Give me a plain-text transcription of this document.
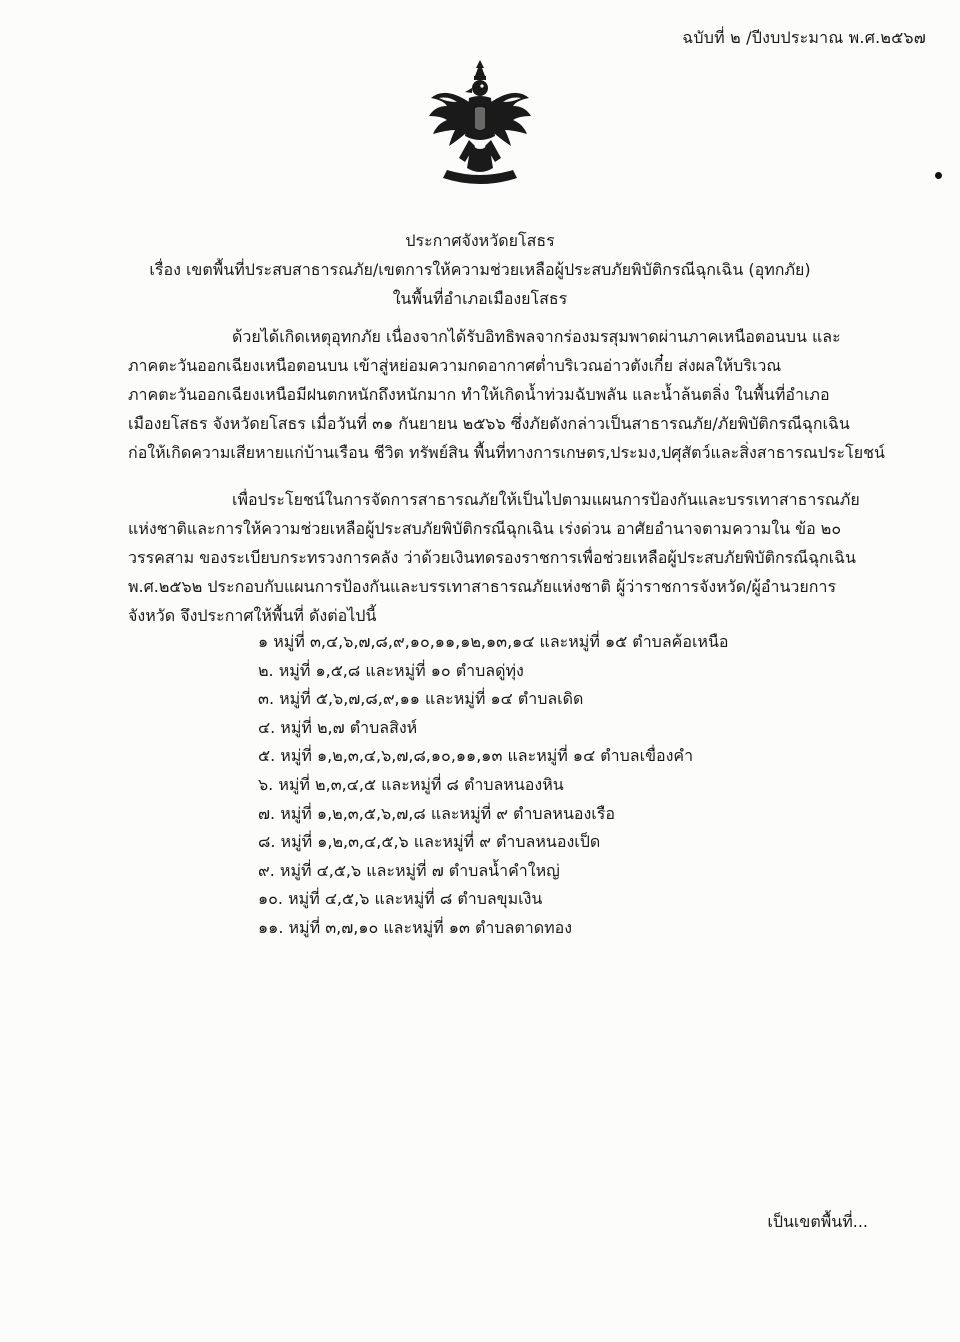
ฉบับที่ ๒ /ปีงบประมาณ พ.ศ.๒๕๖๗
ประกาศจังหวัดยโสธร
เรื่อง เขตพื้นที่ประสบสาธารณภัย/เขตการให้ความช่วยเหลือผู้ประสบภัยพิบัติกรณีฉุกเฉิน (อุทกภัย)
ในพื้นที่อำเภอเมืองยโสธร
ด้วยได้เกิดเหตุอุทกภัย เนื่องจากได้รับอิทธิพลจากร่องมรสุมพาดผ่านภาคเหนือตอนบน และ
ภาคตะวันออกเฉียงเหนือตอนบน เข้าสู่หย่อมความกดอากาศต่ำบริเวณอ่าวตังเกี๋ย ส่งผลให้บริเวณ
ภาคตะวันออกเฉียงเหนือมีฝนตกหนักถึงหนักมาก ทำให้เกิดน้ำท่วมฉับพลัน และน้ำล้นตลิ่ง ในพื้นที่อำเภอ
เมืองยโสธร จังหวัดยโสธร เมื่อวันที่ ๓๑ กันยายน ๒๕๖๖ ซึ่งภัยดังกล่าวเป็นสาธารณภัย/ภัยพิบัติกรณีฉุกเฉิน
ก่อให้เกิดความเสียหายแก่บ้านเรือน ชีวิต ทรัพย์สิน พื้นที่ทางการเกษตร,ประมง,ปศุสัตว์และสิ่งสาธารณประโยชน์
เพื่อประโยชน์ในการจัดการสาธารณภัยให้เป็นไปตามแผนการป้องกันและบรรเทาสาธารณภัย
แห่งชาติและการให้ความช่วยเหลือผู้ประสบภัยพิบัติกรณีฉุกเฉิน เร่งด่วน อาศัยอำนาจตามความใน ข้อ ๒๐
วรรคสาม ของระเบียบกระทรวงการคลัง ว่าด้วยเงินทดรองราชการเพื่อช่วยเหลือผู้ประสบภัยพิบัติกรณีฉุกเฉิน
พ.ศ.๒๕๖๒ ประกอบกับแผนการป้องกันและบรรเทาสาธารณภัยแห่งชาติ ผู้ว่าราชการจังหวัด/ผู้อำนวยการ
จังหวัด จึงประกาศให้พื้นที่ ดังต่อไปนี้
๑ หมู่ที่ ๓,๔,๖,๗,๘,๙,๑๐,๑๑,๑๒,๑๓,๑๔ และหมู่ที่ ๑๕ ตำบลค้อเหนือ
๒. หมู่ที่ ๑,๕,๘ และหมู่ที่ ๑๐ ตำบลดู่ทุ่ง
๓. หมู่ที่ ๕,๖,๗,๘,๙,๑๑ และหมู่ที่ ๑๔ ตำบลเดิด
๔. หมู่ที่ ๒,๗ ตำบลสิงห์
๕. หมู่ที่ ๑,๒,๓,๔,๖,๗,๘,๑๐,๑๑,๑๓ และหมู่ที่ ๑๔ ตำบลเขื่องคำ
๖. หมู่ที่ ๒,๓,๔,๕ และหมู่ที่ ๘ ตำบลหนองหิน
๗. หมู่ที่ ๑,๒,๓,๕,๖,๗,๘ และหมู่ที่ ๙ ตำบลหนองเรือ
๘. หมู่ที่ ๑,๒,๓,๔,๕,๖ และหมู่ที่ ๙ ตำบลหนองเป็ด
๙. หมู่ที่ ๔,๕,๖ และหมู่ที่ ๗ ตำบลน้ำคำใหญ่
๑๐. หมู่ที่ ๔,๕,๖ และหมู่ที่ ๘ ตำบลขุมเงิน
๑๑. หมู่ที่ ๓,๗,๑๐ และหมู่ที่ ๑๓ ตำบลตาดทอง
เป็นเขตพื้นที่...
